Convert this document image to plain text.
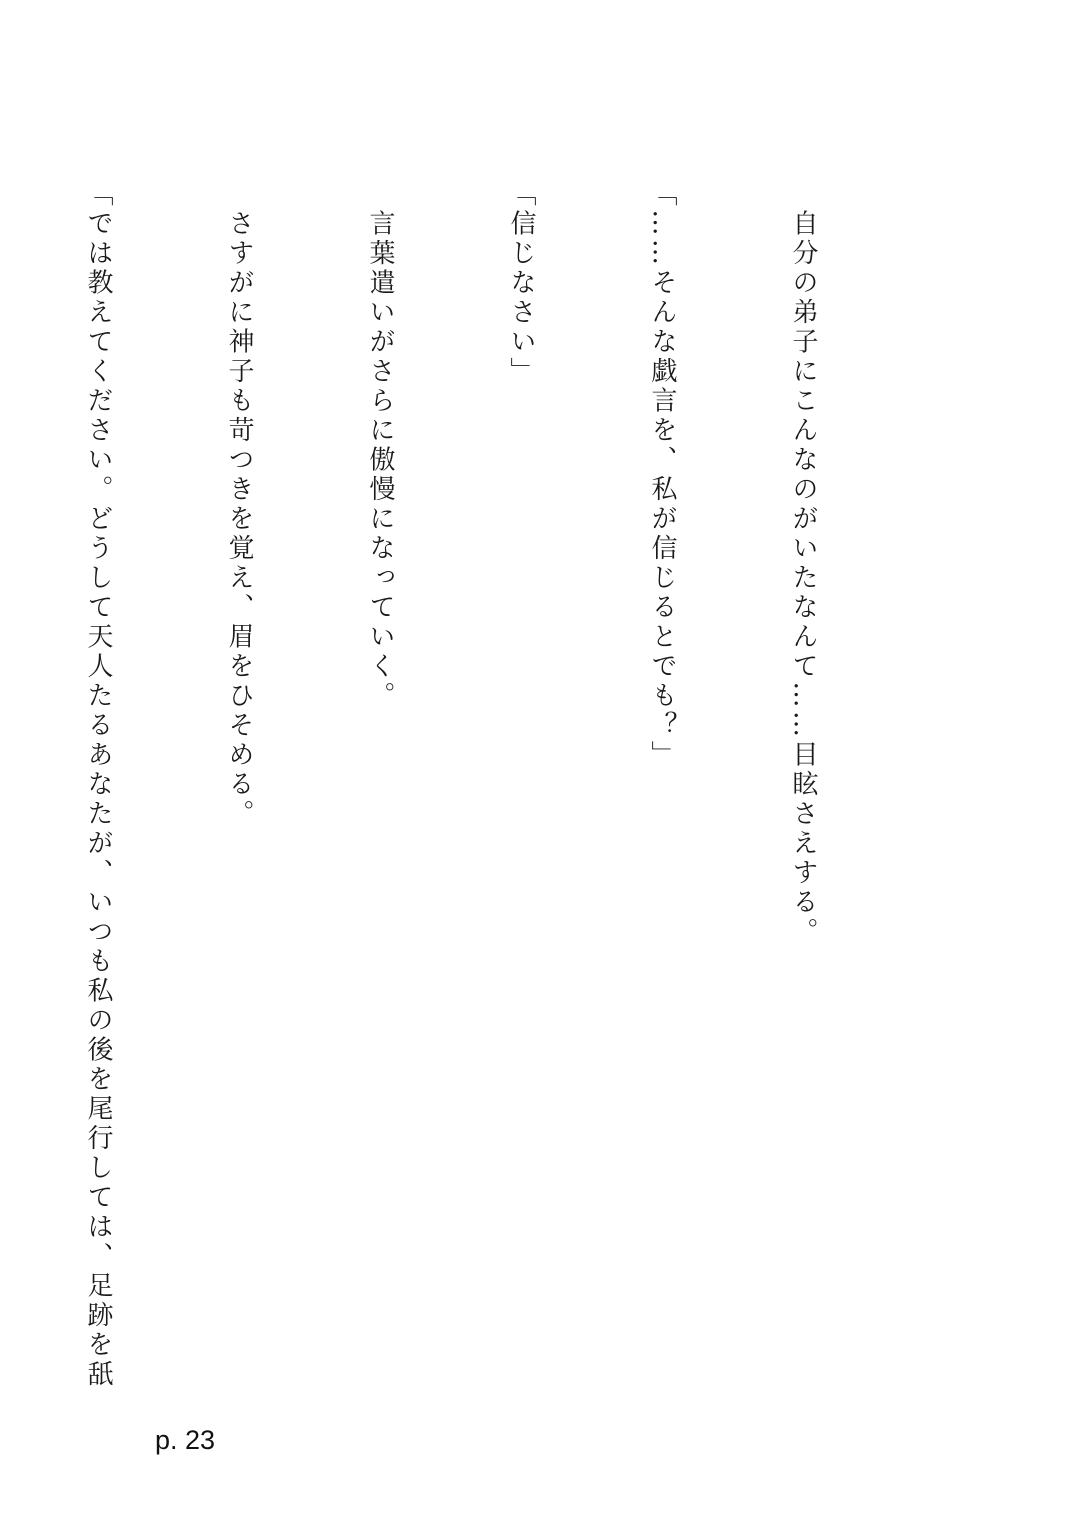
　自分の弟子にこんなのがいたなんて……目眩さえする。

「……そんな戯言を、私が信じるとでも？」

「信じなさい」

　言葉遣いがさらに傲慢になっていく。

　さすがに神子も苛つきを覚え、眉をひそめる。

「では教えてください。どうして天人たるあなたが、いつも私の後を尾行しては、足跡を舐

p. 23
